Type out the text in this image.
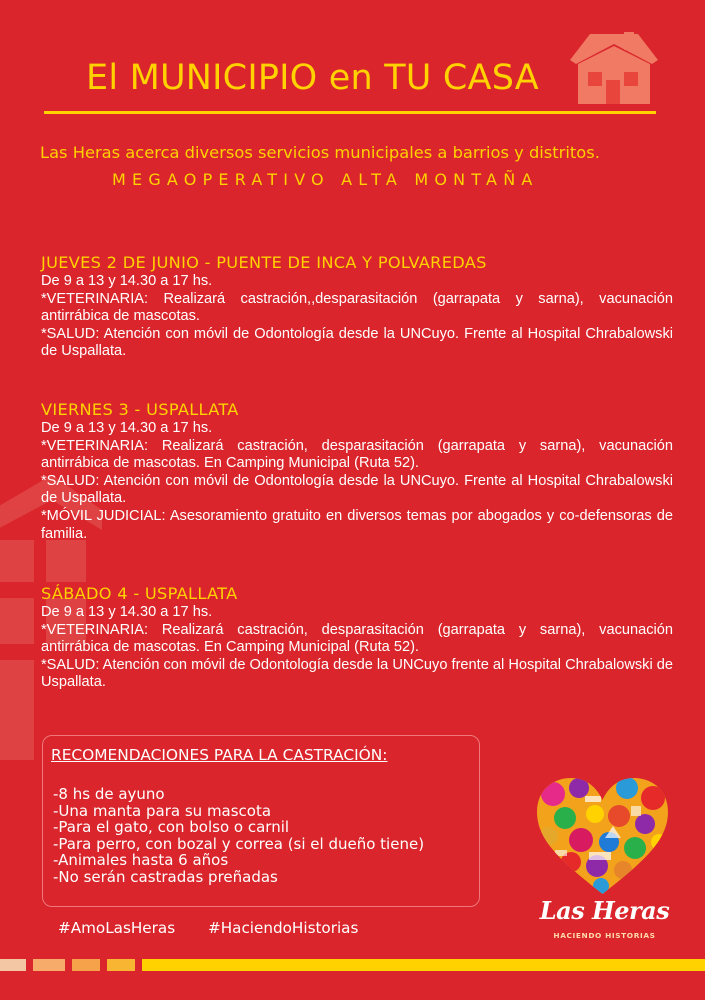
El MUNICIPIO en TU CASA
Las Heras acerca diversos servicios municipales a barrios y distritos.
MEGAOPERATIVO ALTA MONTAÑA
JUEVES 2 DE JUNIO - PUENTE DE INCA Y POLVAREDAS
De 9 a 13 y 14.30 a 17 hs.
*VETERINARIA: Realizará castración,,desparasitación (garrapata y sarna), vacunación antirrábica de mascotas.
*SALUD: Atención con móvil de Odontología desde la UNCuyo. Frente al Hospital Chrabalowski de Uspallata.
VIERNES 3 - USPALLATA
De 9 a 13 y 14.30 a 17 hs.
*VETERINARIA: Realizará castración, desparasitación (garrapata y sarna), vacunación antirrábica de mascotas. En Camping Municipal (Ruta 52).
*SALUD: Atención con móvil de Odontología desde la UNCuyo. Frente al Hospital Chrabalowski de Uspallata.
*MÓVIL JUDICIAL: Asesoramiento gratuito en diversos temas por abogados y co-defensoras de familia.
SÁBADO 4 - USPALLATA
De 9 a 13 y 14.30 a 17 hs.
*VETERINARIA: Realizará castración, desparasitación (garrapata y sarna), vacunación antirrábica de mascotas. En Camping Municipal (Ruta 52).
*SALUD: Atención con móvil de Odontología desde la UNCuyo frente al Hospital Chrabalowski de Uspallata.
RECOMENDACIONES PARA LA CASTRACIÓN:
-8 hs de ayuno
-Una manta para su mascota
-Para el gato, con bolso o carnil
-Para perro, con bozal y correa (si el dueño tiene)
-Animales hasta 6 años
-No serán castradas preñadas
#AmoLasHeras #HaciendoHistorias
Las Heras
HACIENDO HISTORIAS
